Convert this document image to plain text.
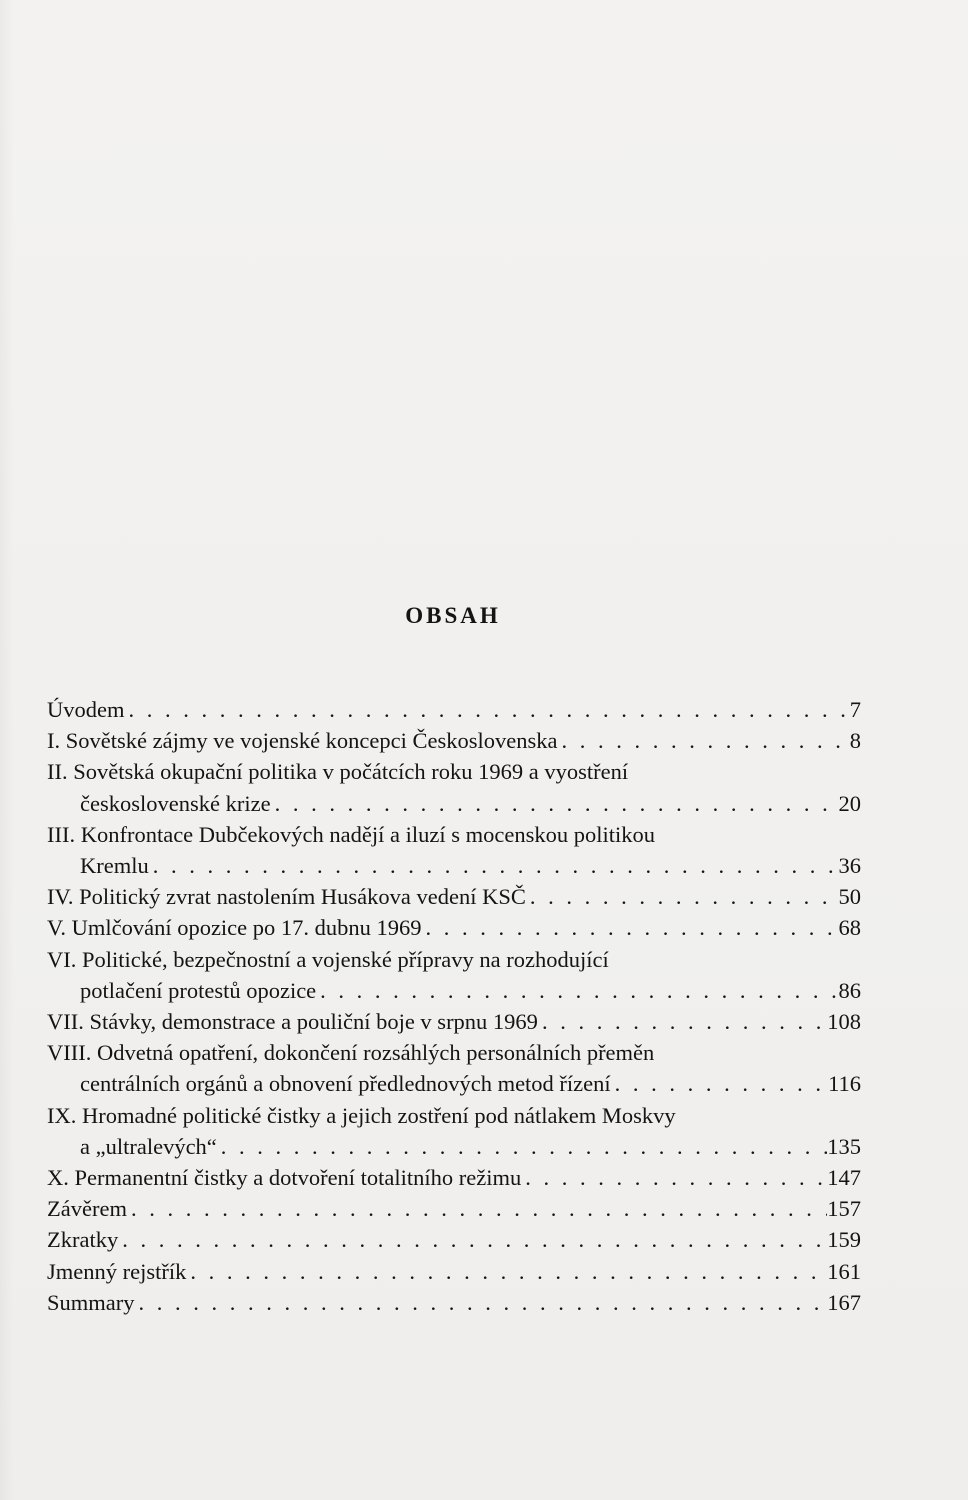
OBSAH
Úvodem . . .	7
I. Sovětské zájmy ve vojenské koncepci Československa . . .	8
II. Sovětská okupační politika v počátcích roku 1969 a vyostření
československé krize . . .	20
III. Konfrontace Dubčekových nadějí a iluzí s mocenskou politikou
Kremlu . . .	36
IV. Politický zvrat nastolením Husákova vedení KSČ . . .	50
V. Umlčování opozice po 17. dubnu 1969 . . .	68
VI. Politické, bezpečnostní a vojenské přípravy na rozhodující
potlačení protestů opozice . . .	86
VII. Stávky, demonstrace a pouliční boje v srpnu 1969 . . .	108
VIII. Odvetná opatření, dokončení rozsáhlých personálních přeměn
centrálních orgánů a obnovení předlednových metod řízení . . .	116
IX. Hromadné politické čistky a jejich zostření pod nátlakem Moskvy
a „ultralevých“ . . .	135
X. Permanentní čistky a dotvoření totalitního režimu . . .	147
Závěrem . . .	157
Zkratky . . .	159
Jmenný rejstřík . . .	161
Summary . . .	167
